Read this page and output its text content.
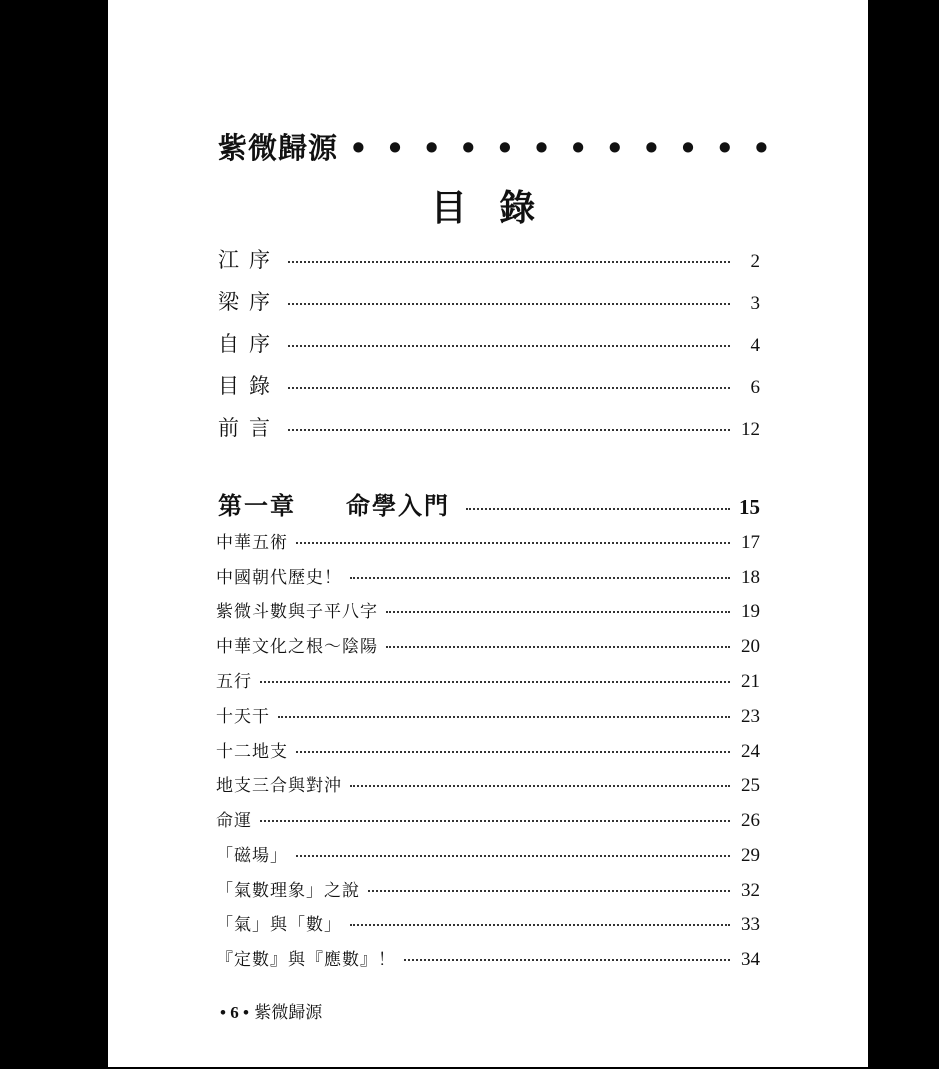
紫微歸源 • • • • • • • • • • • •
目 錄
江序	2
梁序	3
自序	4
目錄	6
前言	12
第一章 命學入門	15
中華五術	17
中國朝代歷史！	18
紫微斗數與子平八字	19
中華文化之根～陰陽	20
五行	21
十天干	23
十二地支	24
地支三合與對沖	25
命運	26
「磁場」	29
「氣數理象」之說	32
「氣」與「數」	33
『定數』與『應數』！	34
• 6 • 紫微歸源
